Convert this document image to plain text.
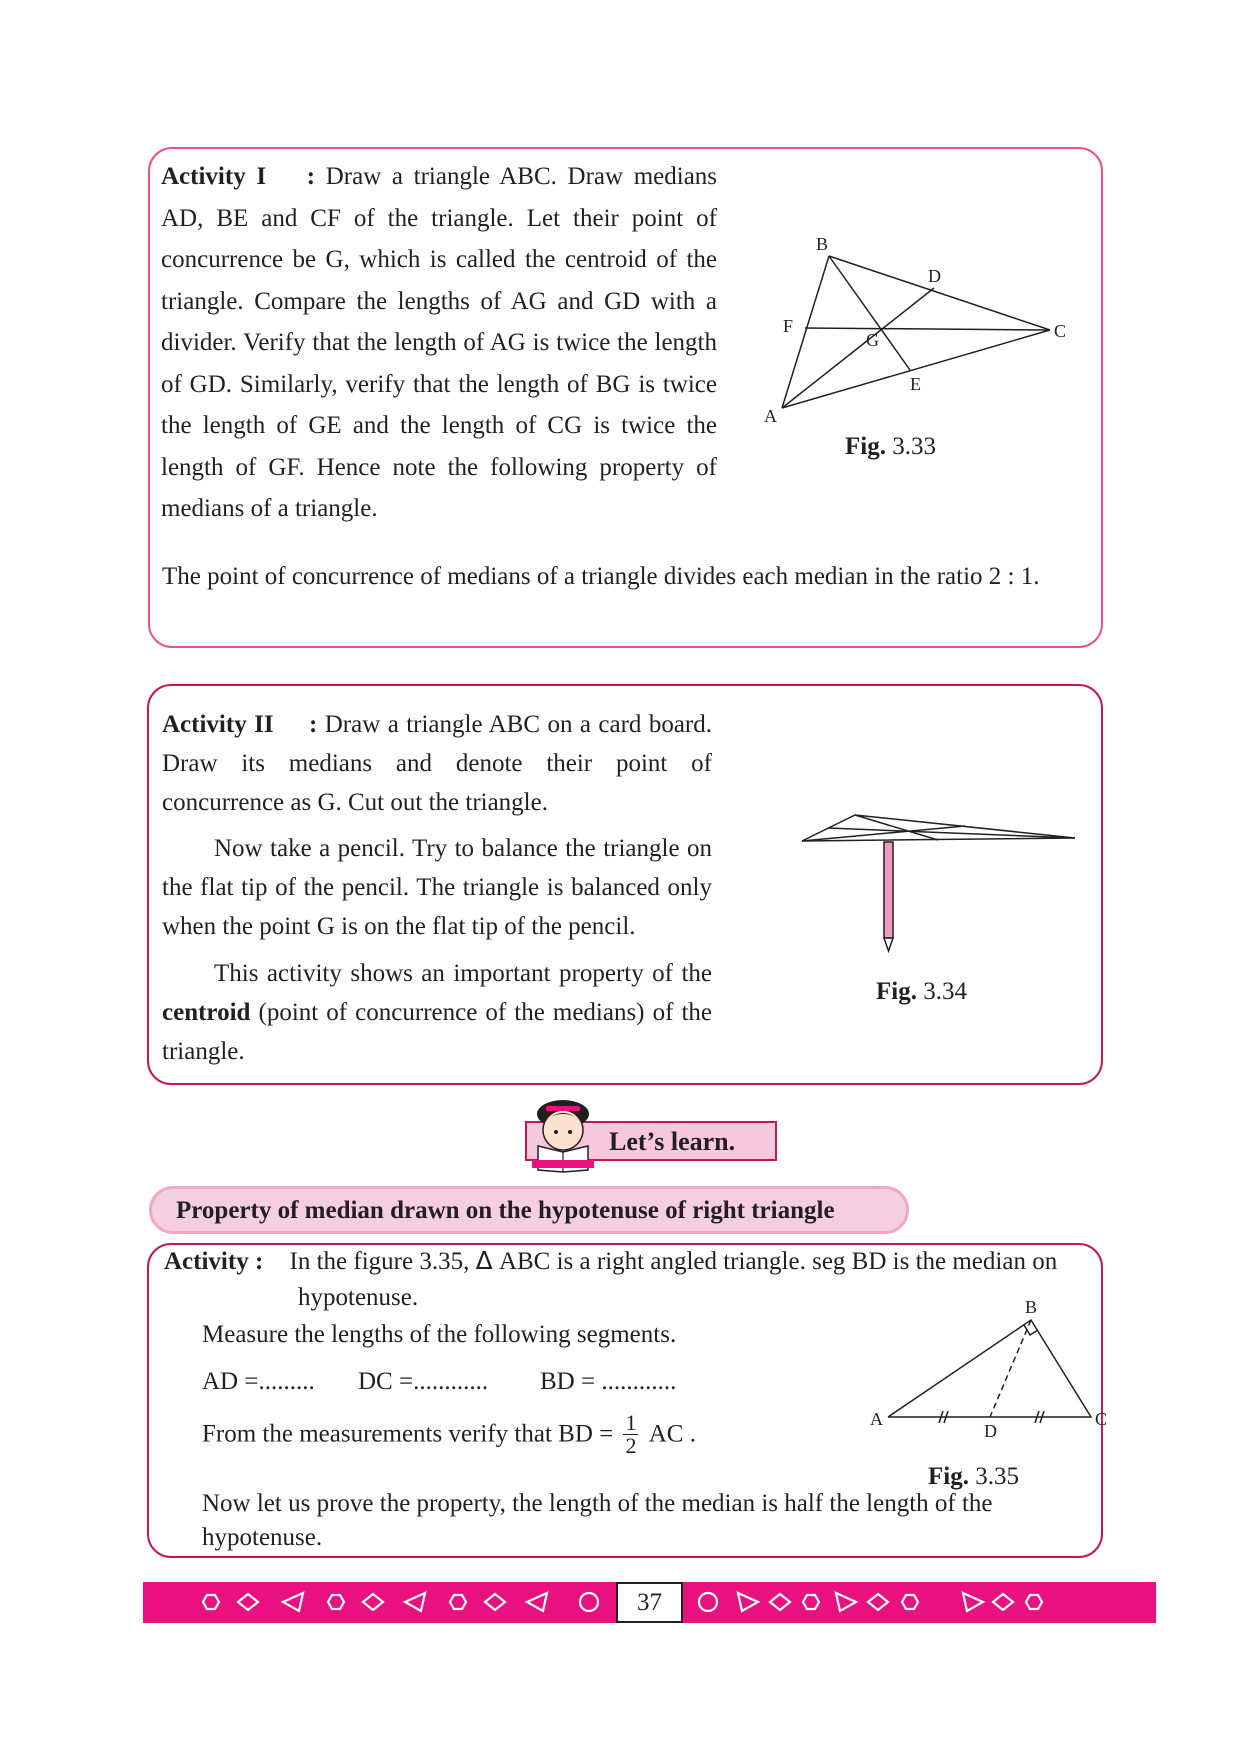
Activity I : Draw a triangle ABC. Draw medians AD, BE and CF of the triangle. Let their point of concurrence be G, which is called the centroid of the triangle. Compare the lengths of AG and GD with a divider. Verify that the length of AG is twice the length of GD. Similarly, verify that the length of BG is twice the length of GE and the length of CG is twice the length of GF. Hence note the following property of medians of a triangle.

The point of concurrence of medians of a triangle divides each median in the ratio 2 : 1.

B
D
F
G	C
E
A
Fig. 3.33

Activity II : Draw a triangle ABC on a card board. Draw its medians and denote their point of concurrence as G. Cut out the triangle.

Now take a pencil. Try to balance the triangle on the flat tip of the pencil. The triangle is balanced only when the point G is on the flat tip of the pencil.

This activity shows an important property of the centroid (point of concurrence of the medians) of the triangle.

Fig. 3.34
Let’s learn.
Property of median drawn on the hypotenuse of right triangle
Activity : In the figure 3.35, Δ ABC is a right angled triangle. seg BD is the median on

hypotenuse.

Measure the lengths of the following segments.

AD =......... DC =............ BD = ............

From the measurements verify that BD = $\frac{1}{2}$ AC .

Now let us prove the property, the length of the median is half the length of the

hypotenuse.

B
A
D
C
Fig. 3.35
37
